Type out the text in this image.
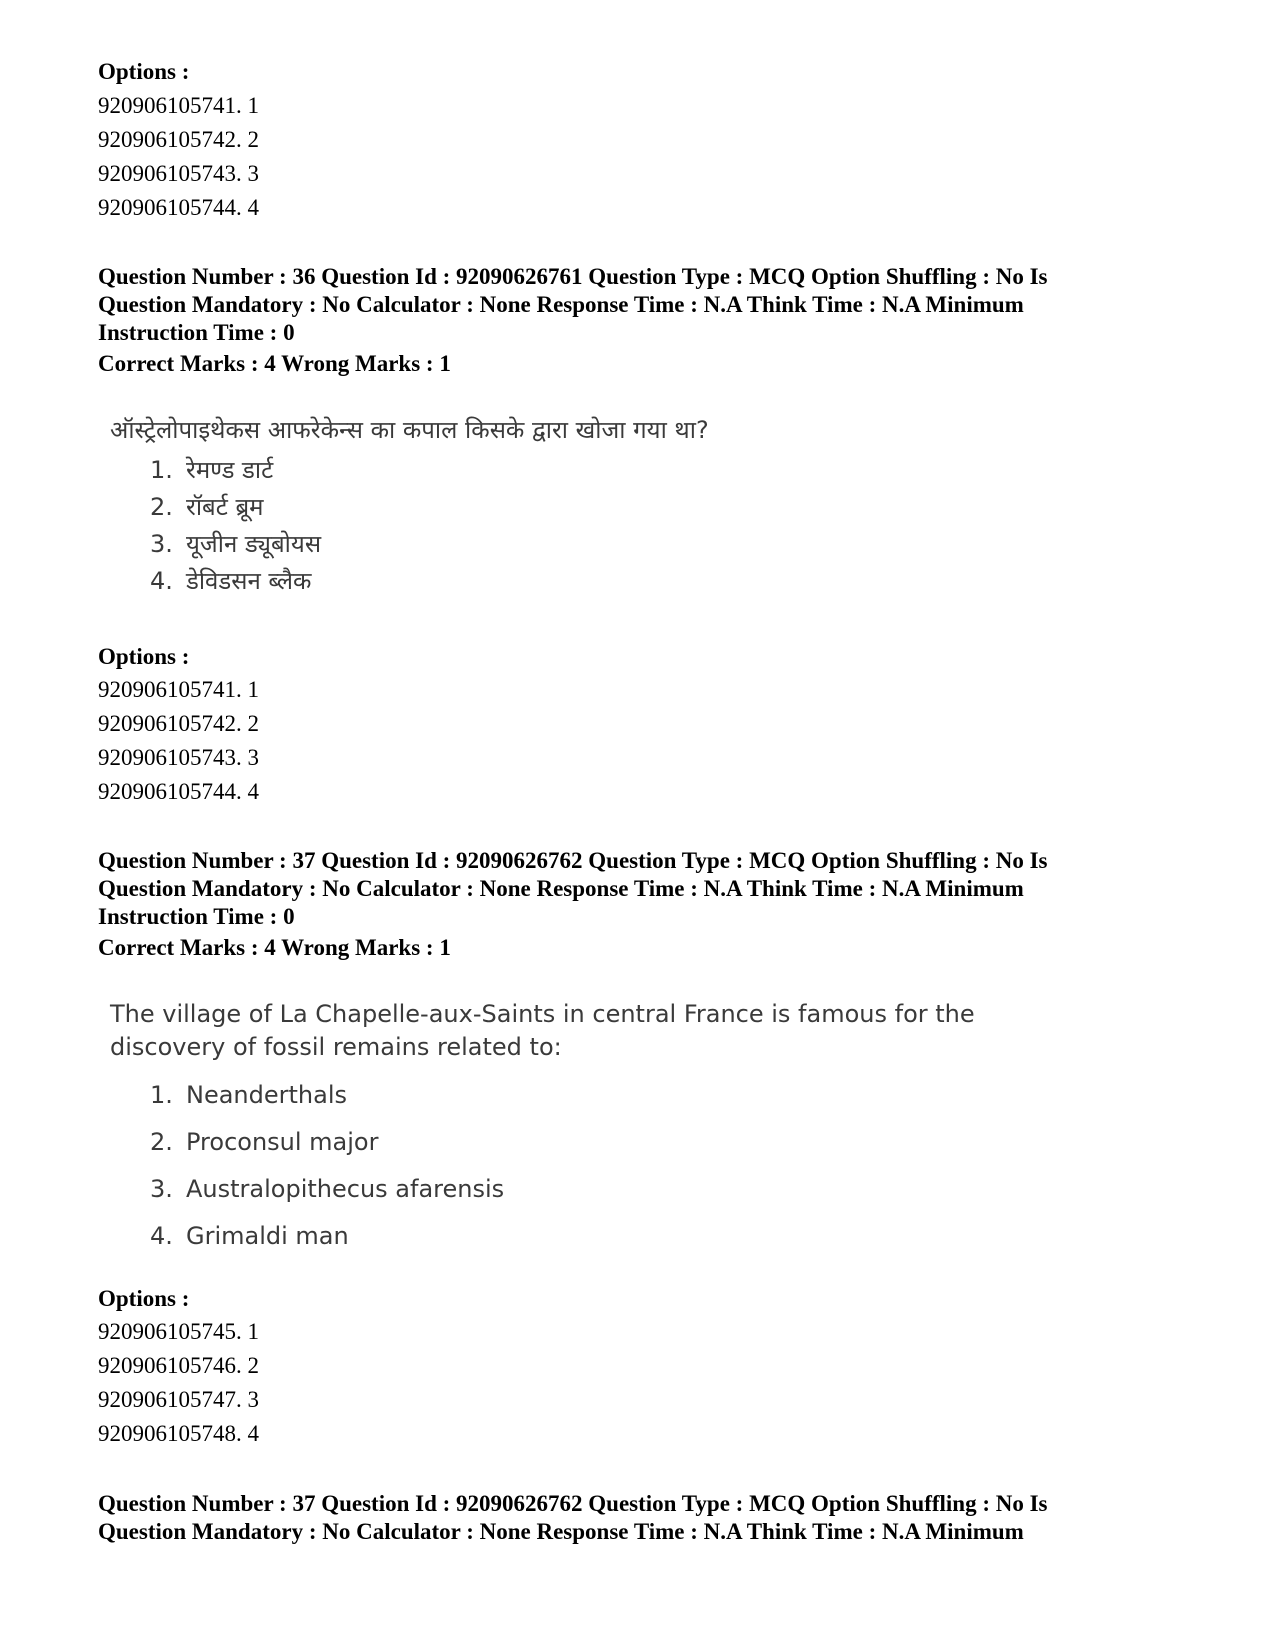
Options :
920906105741. 1
920906105742. 2
920906105743. 3
920906105744. 4
Question Number : 36 Question Id : 92090626761 Question Type : MCQ Option Shuffling : No Is
Question Mandatory : No Calculator : None Response Time : N.A Think Time : N.A Minimum
Instruction Time : 0
Correct Marks : 4 Wrong Marks : 1
ऑस्ट्रेलोपाइथेकस आफरेकेन्स का कपाल किसके द्वारा खोजा गया था?
1. रेमण्ड डार्ट
2. रॉबर्ट ब्रूम
3. यूजीन ड्यूबोयस
4. डेविडसन ब्लैक
Options :
920906105741. 1
920906105742. 2
920906105743. 3
920906105744. 4
Question Number : 37 Question Id : 92090626762 Question Type : MCQ Option Shuffling : No Is
Question Mandatory : No Calculator : None Response Time : N.A Think Time : N.A Minimum
Instruction Time : 0
Correct Marks : 4 Wrong Marks : 1
The village of La Chapelle-aux-Saints in central France is famous for the
discovery of fossil remains related to:
1. Neanderthals
2. Proconsul major
3. Australopithecus afarensis
4. Grimaldi man
Options :
920906105745. 1
920906105746. 2
920906105747. 3
920906105748. 4
Question Number : 37 Question Id : 92090626762 Question Type : MCQ Option Shuffling : No Is
Question Mandatory : No Calculator : None Response Time : N.A Think Time : N.A Minimum
